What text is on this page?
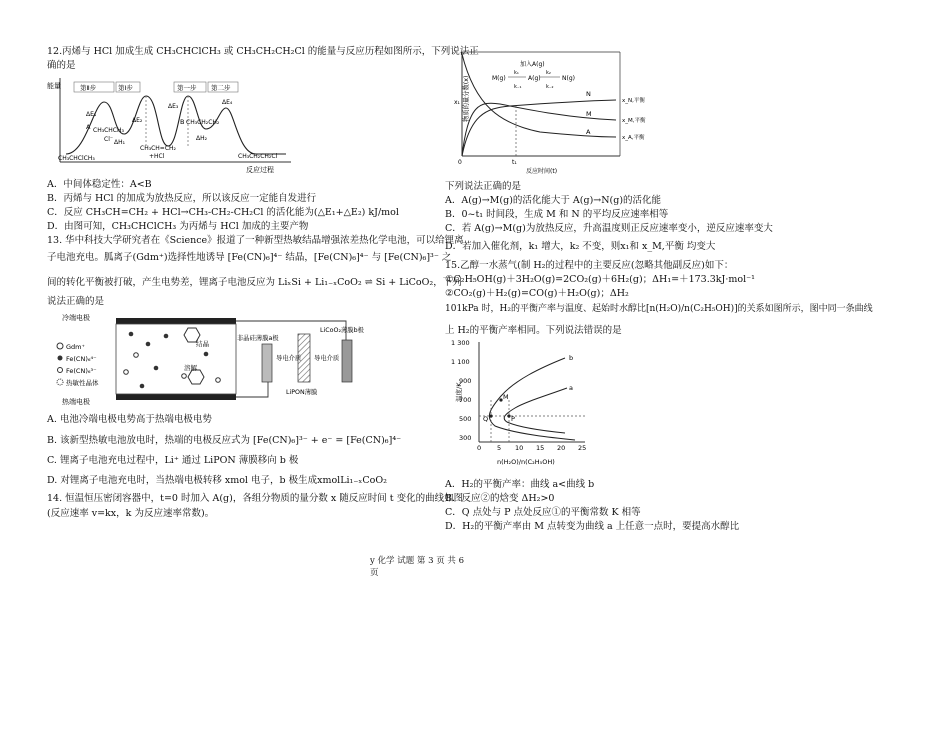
12.丙烯与 HCl 加成生成 CH₃CHClCH₃ 或 CH₃CH₂CH₂Cl 的能量与反应历程如图所示，下列说法正
确的是
能量
反应过程
第Ⅱ步	第Ⅰ步	第一步 第二步
CH₃CHClCH₃
A CH₃CHCH₃
Cl⁻
CH₃CH=CH₂
+HCl
B CH₃CH₂CH₂
CH₃CH₂CH₂Cl
ΔE₁
ΔE₂
ΔE₃
ΔE₄
ΔH₁
ΔH₂
A．中间体稳定性：A<B
B．丙烯与 HCl 的加成为放热反应，所以该反应一定能自发进行
C．反应 CH₃CH=CH₂ + HCl→CH₃-CH₂-CH₂Cl 的活化能为(△E₁+△E₂) kJ/mol
D．由图可知，CH₃CHClCH₃ 为丙烯与 HCl 加成的主要产物
13. 华中科技大学研究者在《Science》报道了一种新型热敏结晶增强浓差热化学电池，可以给锂离
子电池充电。胍离子(Gdm⁺)选择性地诱导 [Fe(CN)₆]⁴⁻ 结晶，[Fe(CN)₆]⁴⁻ 与 [Fe(CN)₆]³⁻ 之
间的转化平衡被打破，产生电势差，锂离子电池反应为 LiₓSi + Li₁₋ₓCoO₂ ⇌ Si + LiCoO₂，下列
说法正确的是
冷端电极
热端电极
Gdm⁺
Fe(CN)₆⁴⁻
Fe(CN)₆³⁻
热敏性晶体
结晶
溶解
非晶硅薄膜a极
导电介质 导电介质
LiPON薄膜
LiCoO₂薄膜b极
A. 电池冷端电极电势高于热端电极电势
B. 该新型热敏电池放电时，热端的电极反应式为 [Fe(CN)₆]³⁻ + e⁻ = [Fe(CN)₆]⁴⁻
C. 锂离子电池充电过程中，Li⁺ 通过 LiPON 薄膜移向 b 极
D. 对锂离子电池充电时，当热端电极转移 xmol 电子，b 极生成xmolLi₁₋ₓCoO₂
14. 恒温恒压密闭容器中，t=0 时加入 A(g)，各组分物质的量分数 x 随反应时间 t 变化的曲线如图
(反应速率 v=kx，k 为反应速率常数)。
物质的量分数(x)
加入A(g)
M(g)	A(g)	N(g)
k₁
k₋₁
k₂
k₋₂
N
M
A
x₁
0	t₁
反应时间(t)
x_N,平衡
x_M,平衡
x_A,平衡
下列说法正确的是
A．A(g)→M(g)的活化能大于 A(g)→N(g)的活化能
B．0~t₁ 时间段，生成 M 和 N 的平均反应速率相等
C．若 A(g)→M(g)为放热反应，升高温度则正反应速率变小，逆反应速率变大
D．若加入催化剂，k₁ 增大，k₂ 不变，则x₁和 x_M,平衡 均变大
15.乙醇一水蒸气(制 H₂的过程中的主要反应(忽略其他副反应)如下：
①C₂H₅OH(g)＋3H₂O(g)=2CO₂(g)＋6H₂(g)；ΔH₁=＋173.3kJ·mol⁻¹
②CO₂(g)＋H₂(g)=CO(g)＋H₂O(g)；ΔH₂
101kPa 时，H₂的平衡产率与温度、起始时水醇比[n(H₂O)/n(C₂H₅OH)]的关系如图所示，图中同一条曲线
上 H₂的平衡产率相同。下列说法错误的是
温度/K
1 300
1 100
900
700
500
300
0 5 10 15 20 25
b
a
M
Q	P
n(H₂O)/n(C₂H₅OH)
A．H₂的平衡产率：曲线 a<曲线 b
B．反应②的焓变 ΔH₂>0
C．Q 点处与 P 点处反应①的平衡常数 K 相等
D．H₂的平衡产率由 M 点转变为曲线 a 上任意一点时，要提高水醇比
y 化学 试题 第 3 页 共 6
页
